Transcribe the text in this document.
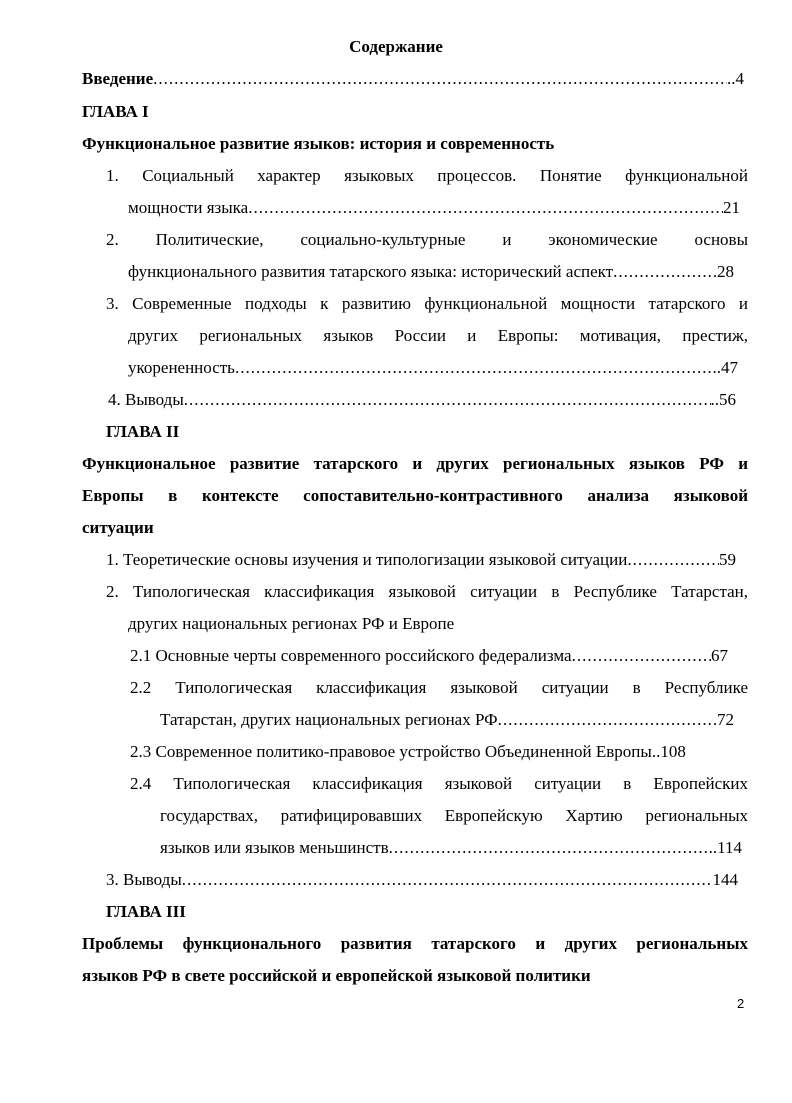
Содержание
Введение .....	..4
ГЛАВА I
Функциональное развитие языков: история и современность
1. Социальный характер языковых процессов. Понятие функциональной
мощности языка .....	21
2. Политические, социально-культурные и экономические основы
функционального развития татарского языка: исторический аспект .....	28
3. Современные подходы к развитию функциональной мощности татарского и
других региональных языков России и Европы: мотивация, престиж,
укорененность .....	..47
4. Выводы .....	..56
ГЛАВА II
Функциональное развитие татарского и других региональных языков РФ и
Европы в контексте сопоставительно-контрастивного анализа языковой
ситуации
1. Теоретические основы изучения и типологизации языковой ситуации .....	59
2. Типологическая классификация языковой ситуации в Республике Татарстан,
других национальных регионах РФ и Европе
2.1 Основные черты современного российского федерализма .....	67
2.2 Типологическая классификация языковой ситуации в Республике
Татарстан, других национальных регионах РФ .....	72
2.3 Современное политико-правовое устройство Объединенной Европы ..108
2.4 Типологическая классификация языковой ситуации в Европейских
государствах, ратифицировавших Европейскую Хартию региональных
языков или языков меньшинств .....	..114
3. Выводы .....	144
ГЛАВА III
Проблемы функционального развития татарского и других региональных
языков РФ в свете российской и европейской языковой политики
2
